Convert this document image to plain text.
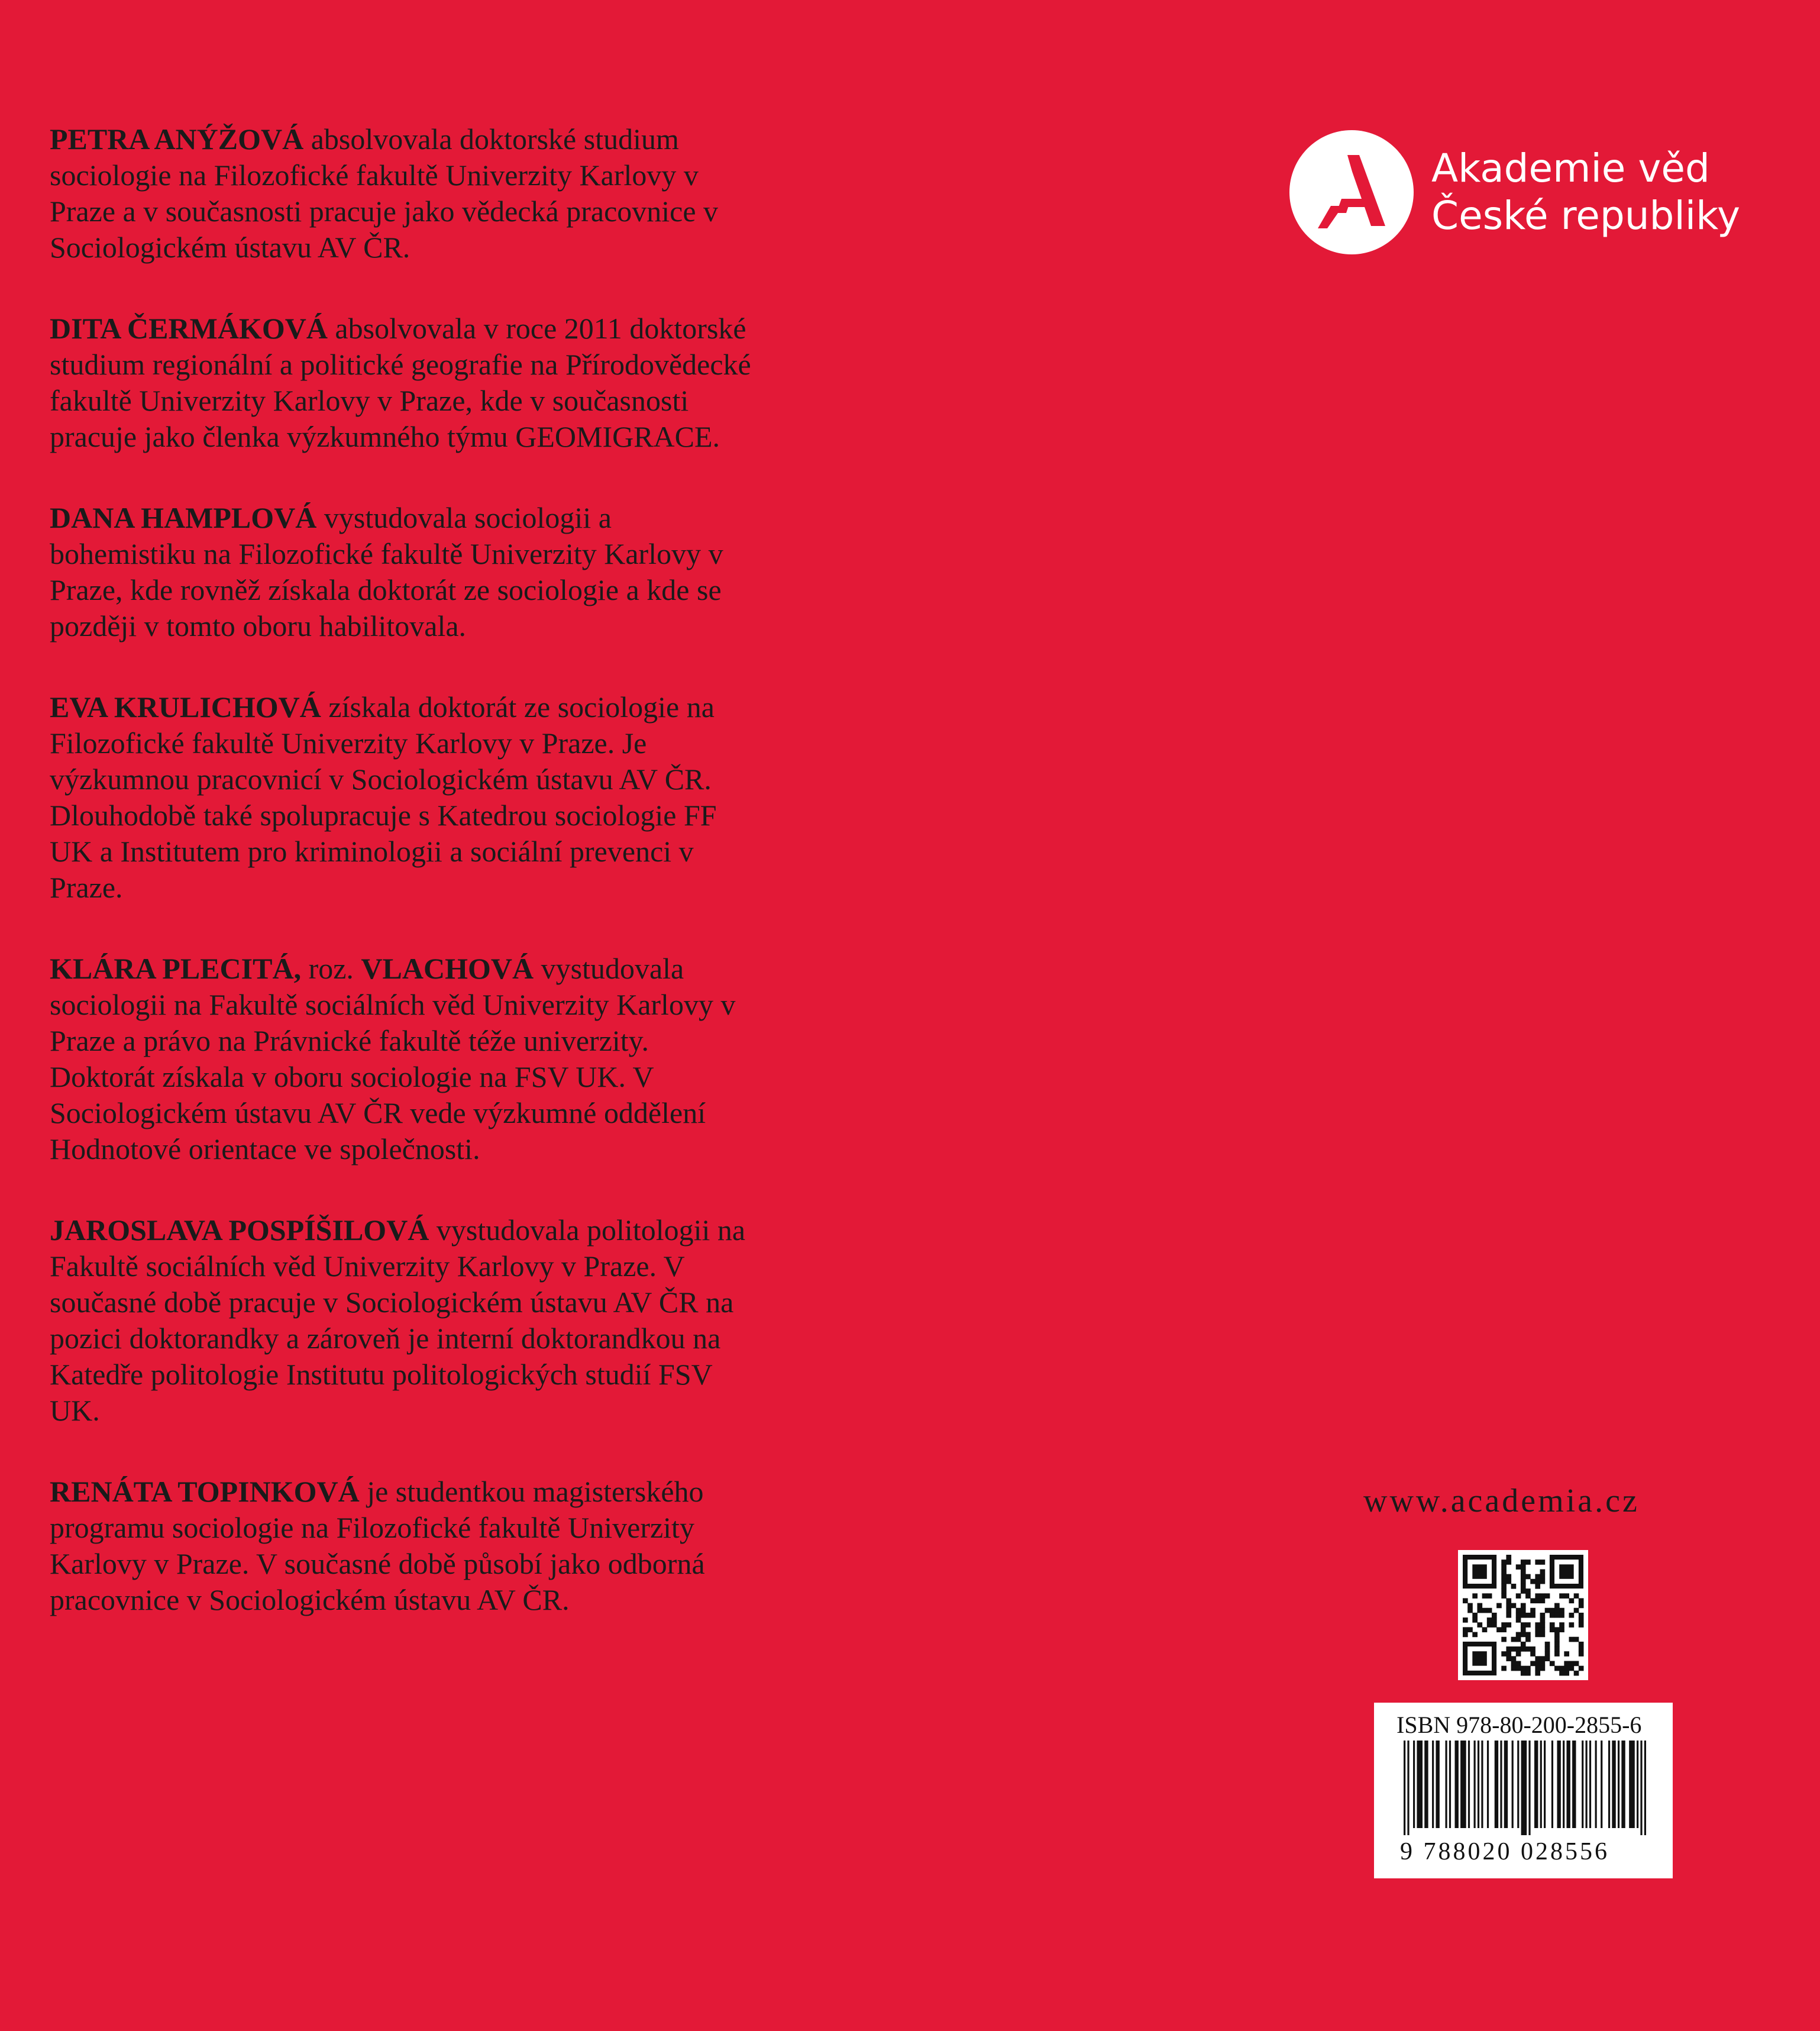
PETRA ANÝŽOVÁ absolvovala doktorské studium sociologie na Filozofické fakultě Univerzity Karlovy v Praze a v současnosti pracuje jako vědecká pracovnice v Sociologickém ústavu AV ČR.

DITA ČERMÁKOVÁ absolvovala v roce 2011 doktorské studium regionální a politické geografie na Přírodovědecké fakultě Univerzity Karlovy v Praze, kde v současnosti pracuje jako členka výzkumného týmu GEOMIGRACE.

DANA HAMPLOVÁ vystudovala sociologii a bohemistiku na Filozofické fakultě Univerzity Karlovy v Praze, kde rovněž získala doktorát ze sociologie a kde se později v tomto oboru habilitovala.

EVA KRULICHOVÁ získala doktorát ze sociologie na Filozofické fakultě Univerzity Karlovy v Praze. Je výzkumnou pracovnicí v Sociologickém ústavu AV ČR. Dlouhodobě také spolupracuje s Katedrou sociologie FF UK a Institutem pro kriminologii a sociální prevenci v Praze.

KLÁRA PLECITÁ, roz. VLACHOVÁ vystudovala sociologii na Fakultě sociálních věd Univerzity Karlovy v Praze a právo na Právnické fakultě téže univerzity. Doktorát získala v oboru sociologie na FSV UK. V Sociologickém ústavu AV ČR vede výzkumné oddělení Hodnotové orientace ve společnosti.

JAROSLAVA POSPÍŠILOVÁ vystudovala politologii na Fakultě sociálních věd Univerzity Karlovy v Praze. V současné době pracuje v Sociologickém ústavu AV ČR na pozici doktorandky a zároveň je interní doktorandkou na Katedře politologie Institutu politologických studií FSV UK.

RENÁTA TOPINKOVÁ je studentkou magisterského programu sociologie na Filozofické fakultě Univerzity Karlovy v Praze. V současné době působí jako odborná pracovnice v Sociologickém ústavu AV ČR.

Akademie věd
České republiky
www.academia.cz
ISBN 978-80-200-2855-6
9 788020 028556
